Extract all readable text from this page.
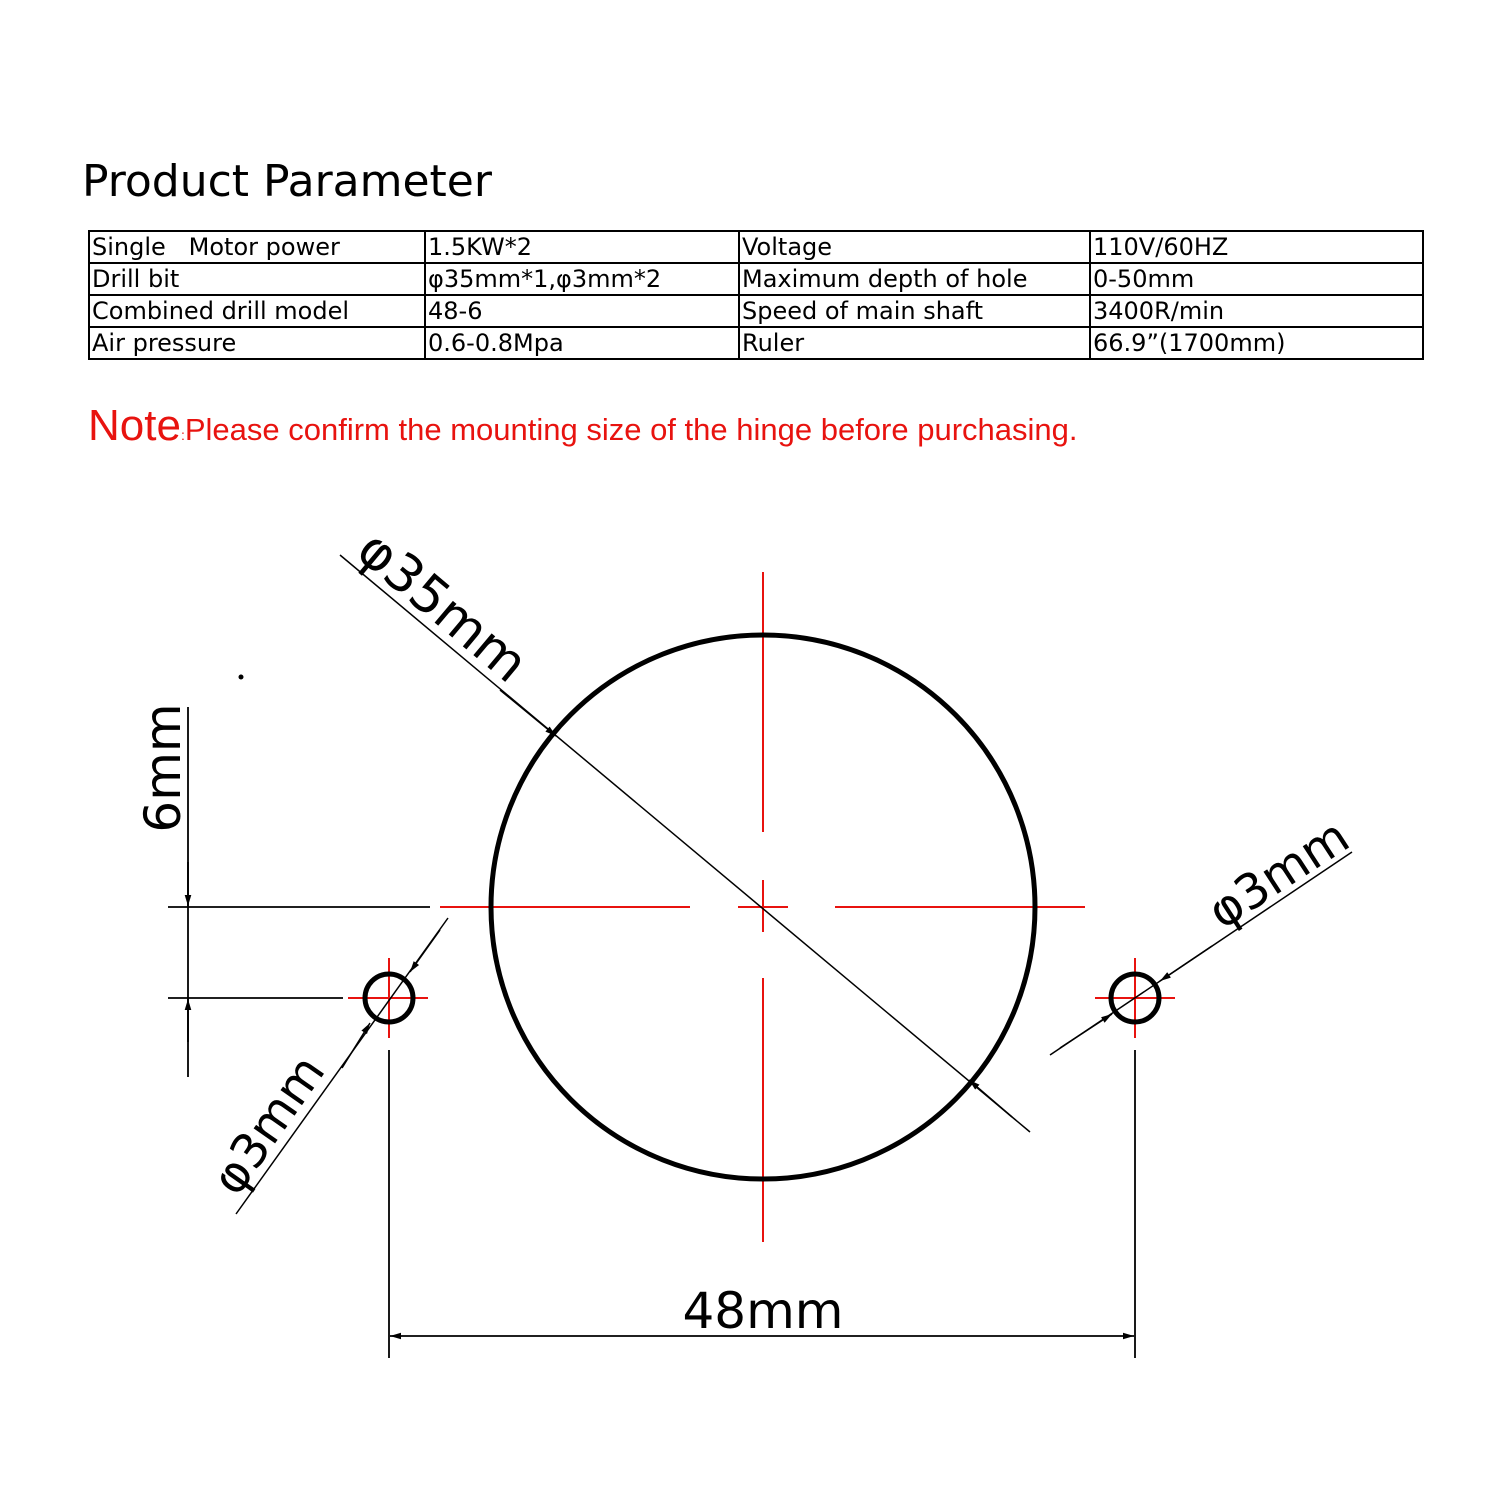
Product Parameter
Single   Motor power	1.5KW*2	Voltage	110V/60HZ
Drill bit	φ35mm*1,φ3mm*2	Maximum depth of hole	0-50mm
Combined drill model	48-6	Speed of main shaft	3400R/min
Air pressure	0.6-0.8Mpa	Ruler	66.9”(1700mm)
Note:Please confirm the mounting size of the hinge before purchasing.
φ35mm
6mm
φ3mm
φ3mm
48mm
